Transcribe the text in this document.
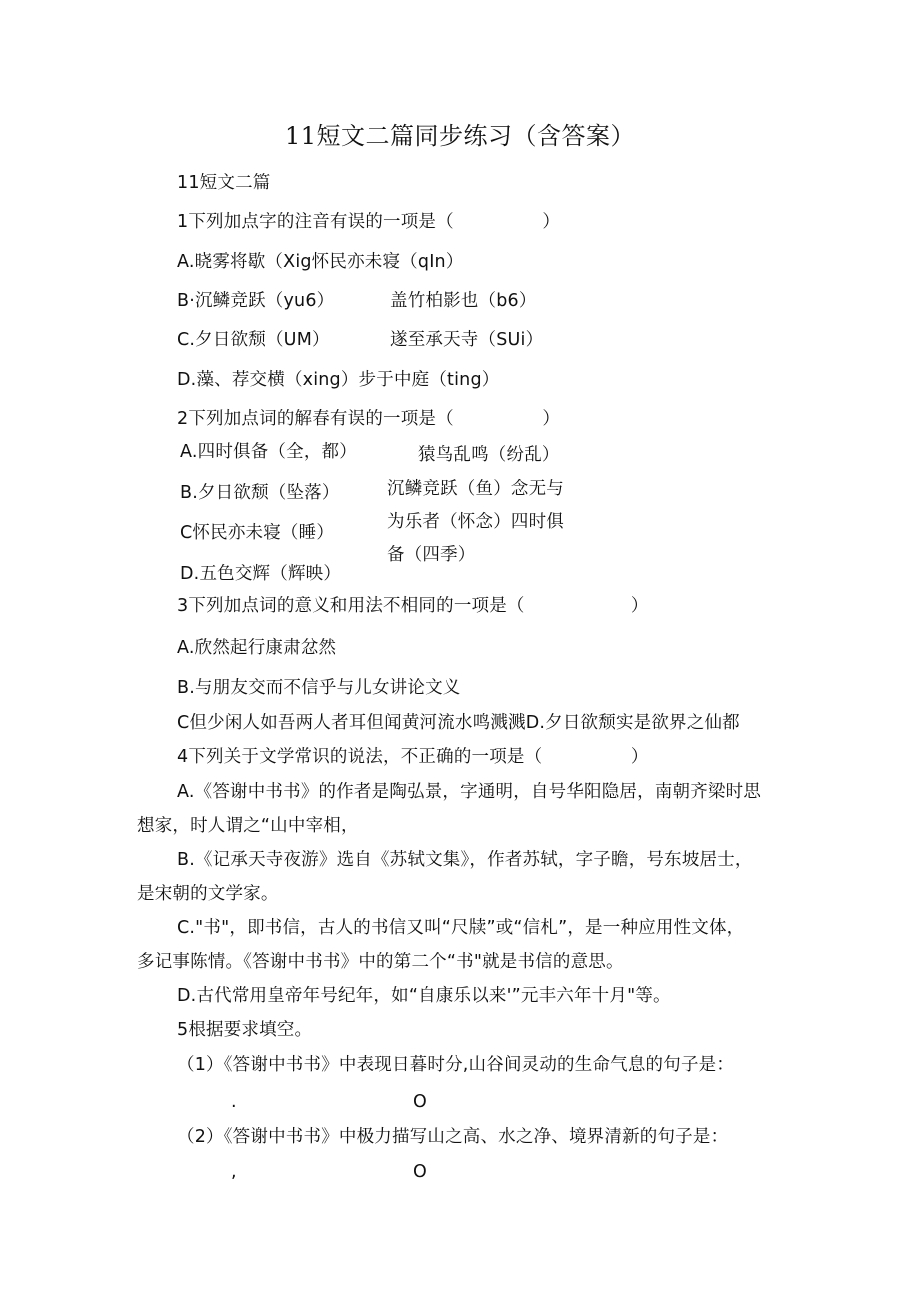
11短文二篇同步练习（含答案）
11短文二篇
1下列加点字的注音有误的一项是（　　　　　）
A.晓雾将歇（Xig怀民亦未寝（qIn）
B·沉鳞竞跃（yu6）	盖竹柏影也（b6）
C.夕日欲颓（UM）	遂至承天寺（SUi）
D.藻、荐交横（xing）步于中庭（ting）
2下列加点词的解春有误的一项是（　　　　　）
A.四时俱备（全，都）	猿鸟乱鸣（纷乱）
B.夕日欲颓（坠落）	沉鳞竞跃（鱼）念无与
为乐者（怀念）四时俱
备（四季）
C怀民亦未寝（睡）
D.五色交辉（辉映）
3下列加点词的意义和用法不相同的一项是（　　　　　　）
A.欣然起行康肃忿然
B.与朋友交而不信乎与儿女讲论文义
C但少闲人如吾两人者耳但闻黄河流水鸣溅溅D.夕日欲颓实是欲界之仙都
4下列关于文学常识的说法，不正确的一项是（　　　　　）
A.《答谢中书书》的作者是陶弘景，字通明，自号华阳隐居，南朝齐梁时思
想家，时人谓之“山中宰相，
B.《记承天寺夜游》选自《苏轼文集》，作者苏轼，字子瞻，号东坡居士，
是宋朝的文学家。
C."书"，即书信，古人的书信又叫“尺牍”或“信札”，是一种应用性文体，
多记事陈情。《答谢中书书》中的第二个“书"就是书信的意思。
D.古代常用皇帝年号纪年，如“自康乐以来'”元丰六年十月"等。
5根据要求填空。
（1）《答谢中书书》中表现日暮时分,山谷间灵动的生命气息的句子是：
.	O
（2）《答谢中书书》中极力描写山之高、水之净、境界清新的句子是：
,	O
